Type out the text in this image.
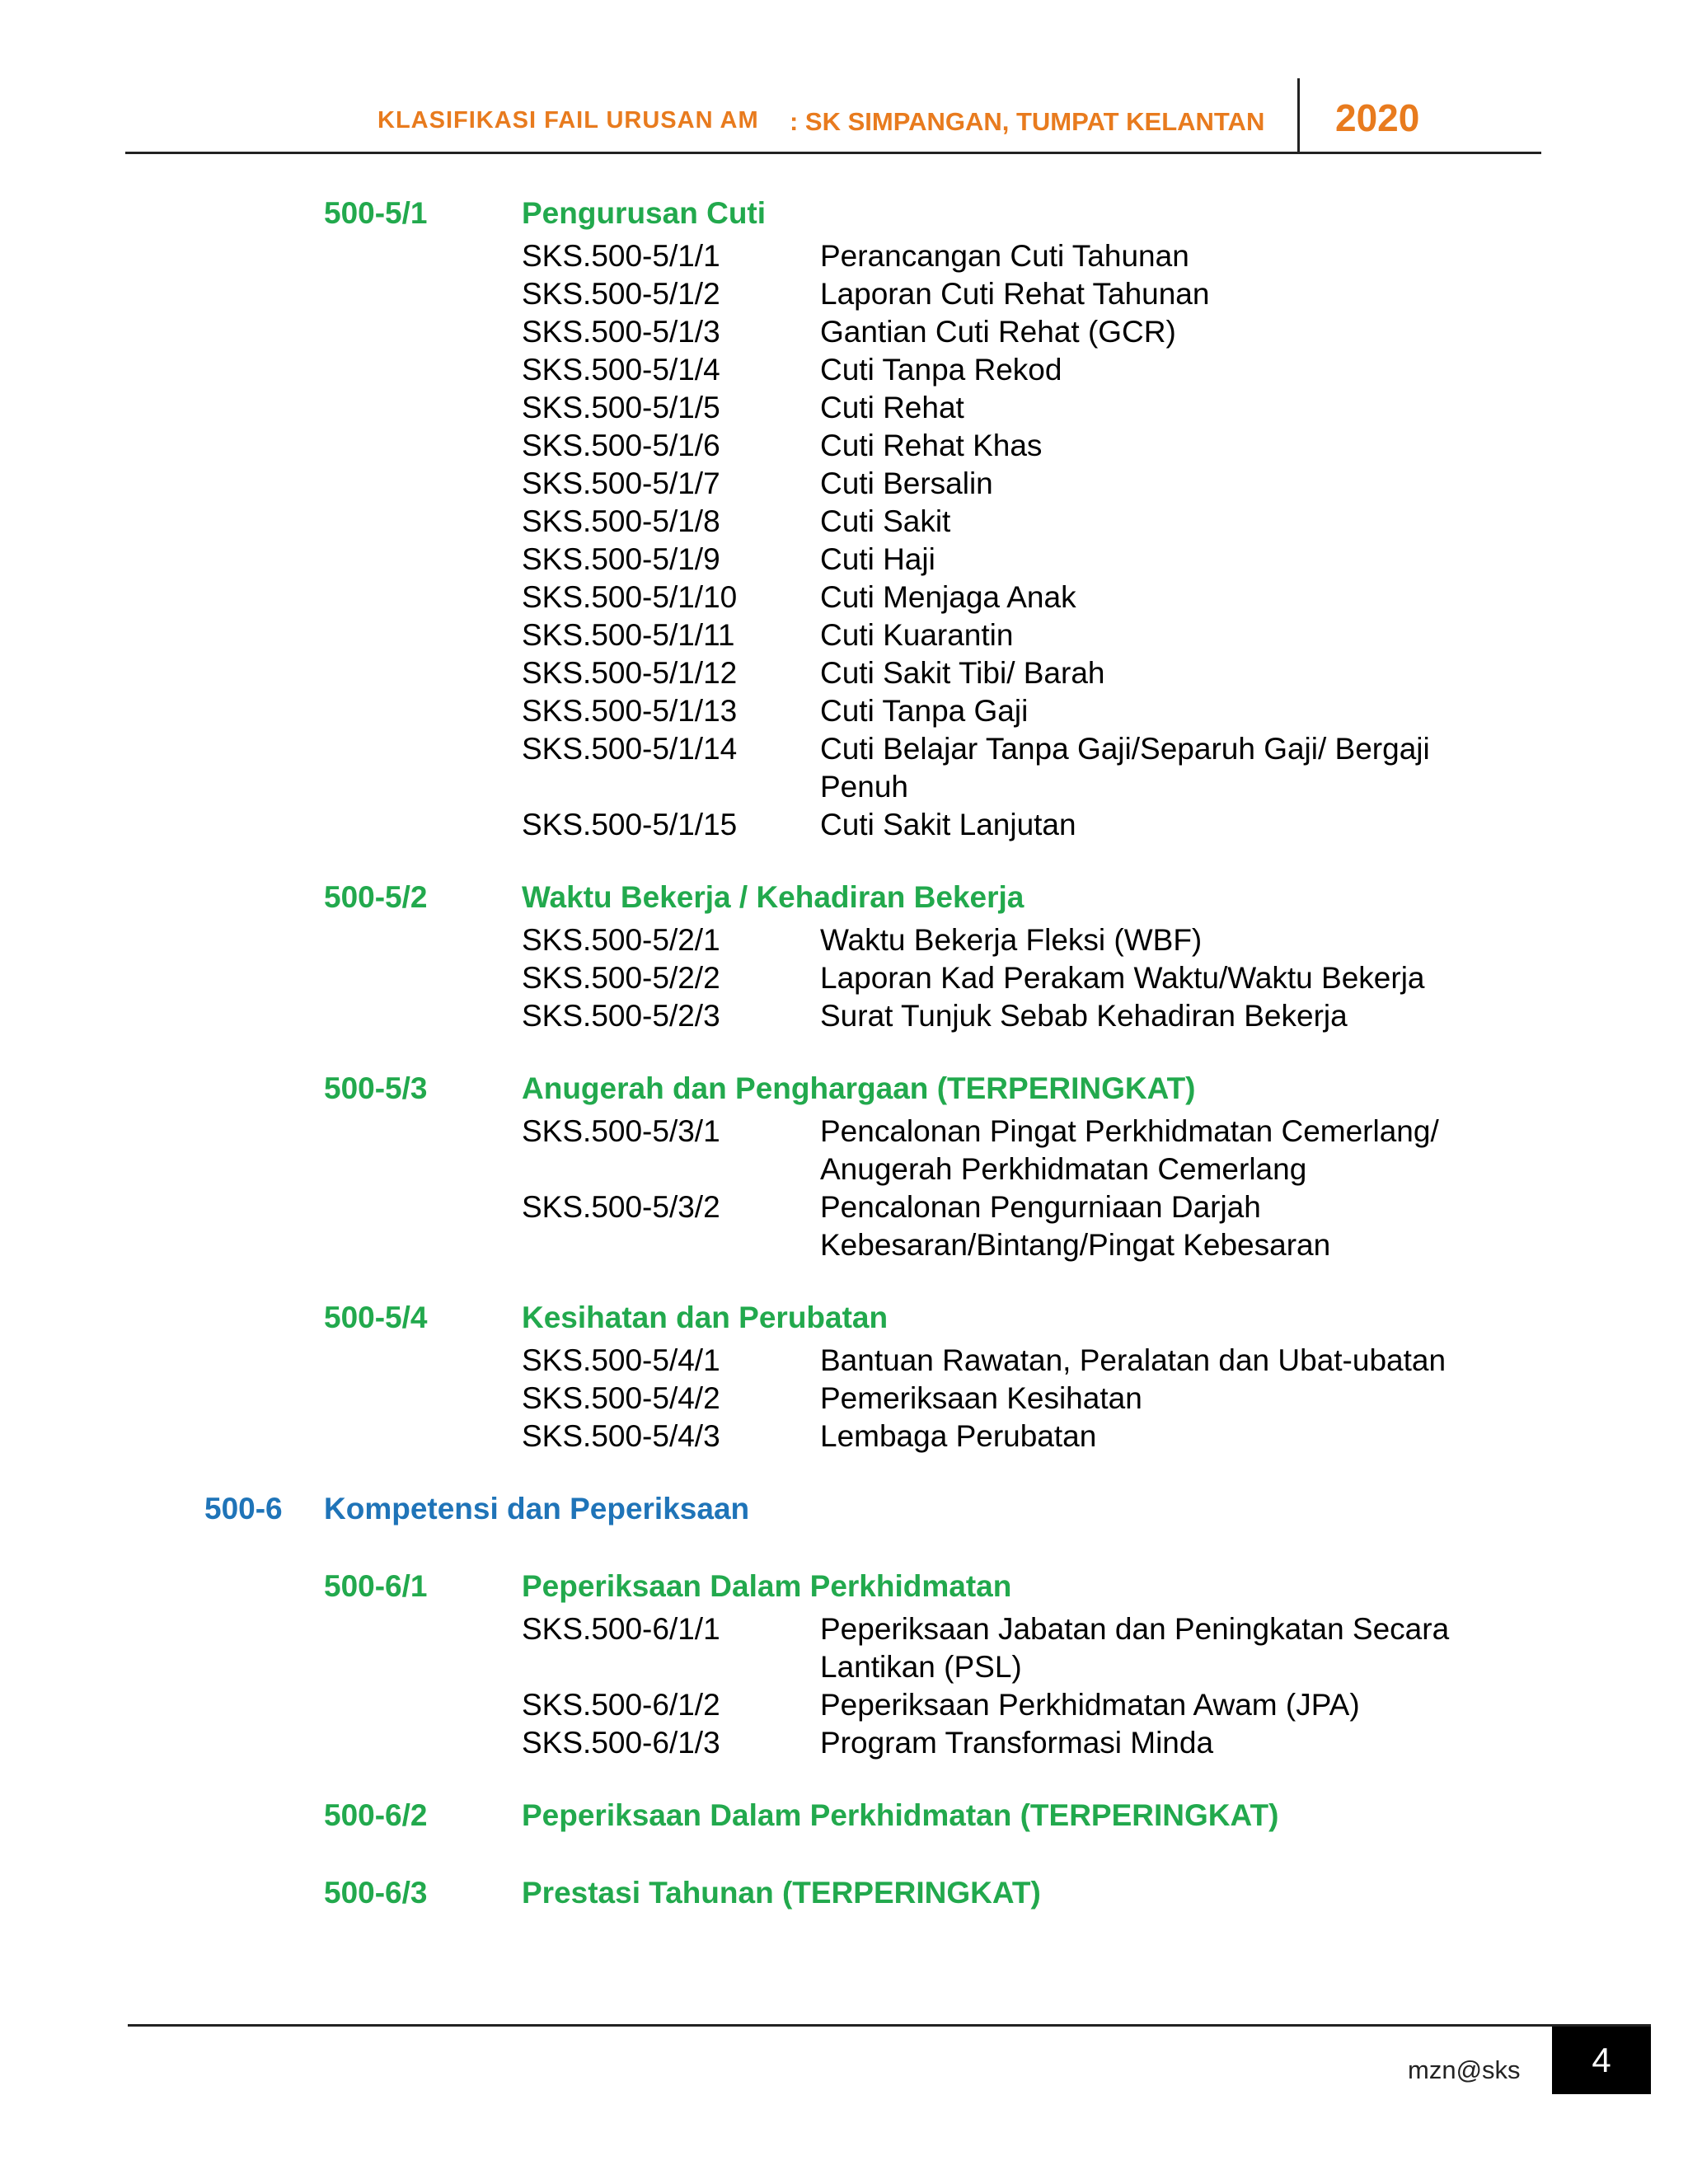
KLASIFIKASI FAIL URUSAN AM : SK SIMPANGAN, TUMPAT KELANTAN 2020
500-5/1	Pengurusan Cuti
SKS.500-5/1/1	Perancangan Cuti Tahunan
SKS.500-5/1/2	Laporan Cuti Rehat Tahunan
SKS.500-5/1/3	Gantian Cuti Rehat (GCR)
SKS.500-5/1/4	Cuti Tanpa Rekod
SKS.500-5/1/5	Cuti Rehat
SKS.500-5/1/6	Cuti Rehat Khas
SKS.500-5/1/7	Cuti Bersalin
SKS.500-5/1/8	Cuti Sakit
SKS.500-5/1/9	Cuti Haji
SKS.500-5/1/10	Cuti Menjaga Anak
SKS.500-5/1/11	Cuti Kuarantin
SKS.500-5/1/12	Cuti Sakit Tibi/ Barah
SKS.500-5/1/13	Cuti Tanpa Gaji
SKS.500-5/1/14	Cuti Belajar Tanpa Gaji/Separuh Gaji/ Bergaji Penuh
SKS.500-5/1/15	Cuti Sakit Lanjutan
500-5/2	Waktu Bekerja / Kehadiran Bekerja
SKS.500-5/2/1	Waktu Bekerja Fleksi (WBF)
SKS.500-5/2/2	Laporan Kad Perakam Waktu/Waktu Bekerja
SKS.500-5/2/3	Surat Tunjuk Sebab Kehadiran Bekerja
500-5/3	Anugerah dan Penghargaan (TERPERINGKAT)
SKS.500-5/3/1	Pencalonan Pingat Perkhidmatan Cemerlang/ Anugerah Perkhidmatan Cemerlang
SKS.500-5/3/2	Pencalonan Pengurniaan Darjah Kebesaran/Bintang/Pingat Kebesaran
500-5/4	Kesihatan dan Perubatan
SKS.500-5/4/1	Bantuan Rawatan, Peralatan dan Ubat-ubatan
SKS.500-5/4/2	Pemeriksaan Kesihatan
SKS.500-5/4/3	Lembaga Perubatan
500-6 Kompetensi dan Peperiksaan
500-6/1	Peperiksaan Dalam Perkhidmatan
SKS.500-6/1/1	Peperiksaan Jabatan dan Peningkatan Secara Lantikan (PSL)
SKS.500-6/1/2	Peperiksaan Perkhidmatan Awam (JPA)
SKS.500-6/1/3	Program Transformasi Minda
500-6/2	Peperiksaan Dalam Perkhidmatan (TERPERINGKAT)
500-6/3	Prestasi Tahunan (TERPERINGKAT)
mzn@sks	4
